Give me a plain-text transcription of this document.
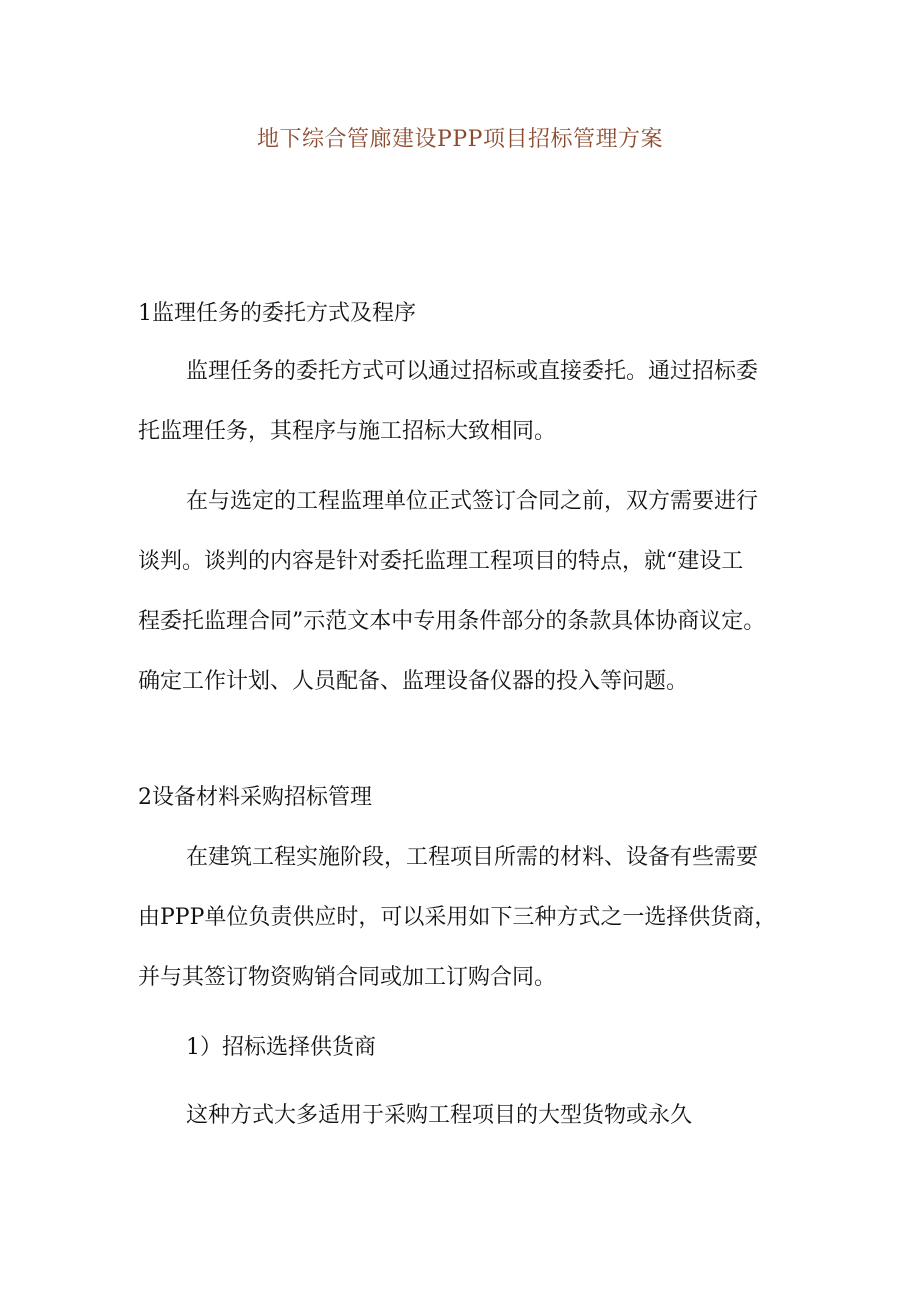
地下综合管廊建设PPP项目招标管理方案
1监理任务的委托方式及程序
监理任务的委托方式可以通过招标或直接委托。通过招标委
托监理任务，其程序与施工招标大致相同。
在与选定的工程监理单位正式签订合同之前，双方需要进行
谈判。谈判的内容是针对委托监理工程项目的特点，就“建设工
程委托监理合同”示范文本中专用条件部分的条款具体协商议定。
确定工作计划、人员配备、监理设备仪器的投入等问题。
2设备材料采购招标管理
在建筑工程实施阶段，工程项目所需的材料、设备有些需要
由PPP单位负责供应时，可以采用如下三种方式之一选择供货商，
并与其签订物资购销合同或加工订购合同。
1）招标选择供货商
这种方式大多适用于采购工程项目的大型货物或永久
